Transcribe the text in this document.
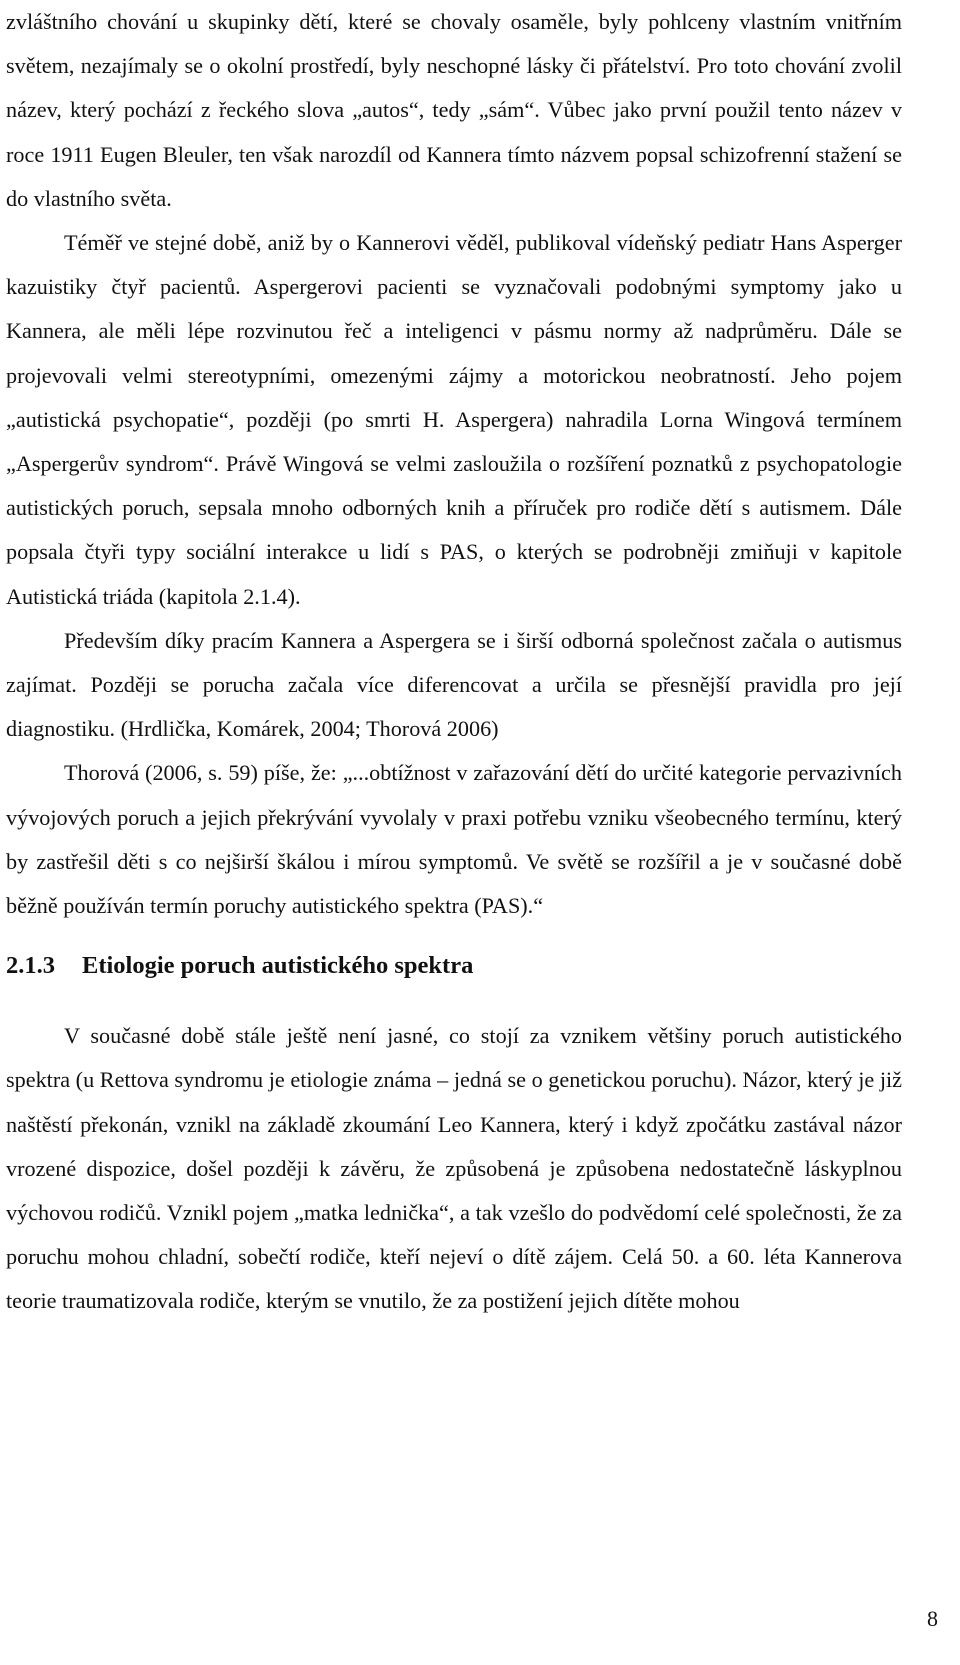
zvláštního chování u skupinky dětí, které se chovaly osaměle, byly pohlceny vlastním vnitřním světem, nezajímaly se o okolní prostředí, byly neschopné lásky či přátelství. Pro toto chování zvolil název, který pochází z řeckého slova „autos“, tedy „sám“. Vůbec jako první použil tento název v roce 1911 Eugen Bleuler, ten však narozdíl od Kannera tímto názvem popsal schizofrenní stažení se do vlastního světa.

Téměř ve stejné době, aniž by o Kannerovi věděl, publikoval vídeňský pediatr Hans Asperger kazuistiky čtyř pacientů. Aspergerovi pacienti se vyznačovali podobnými symptomy jako u Kannera, ale měli lépe rozvinutou řeč a inteligenci v pásmu normy až nadprůměru. Dále se projevovali velmi stereotypními, omezenými zájmy a motorickou neobratností. Jeho pojem „autistická psychopatie“, později (po smrti H. Aspergera) nahradila Lorna Wingová termínem „Aspergerův syndrom“. Právě Wingová se velmi zasloužila o rozšíření poznatků z psychopatologie autistických poruch, sepsala mnoho odborných knih a příruček pro rodiče dětí s autismem. Dále popsala čtyři typy sociální interakce u lidí s PAS, o kterých se podrobněji zmiňuji v kapitole Autistická triáda (kapitola 2.1.4).

Především díky pracím Kannera a Aspergera se i širší odborná společnost začala o autismus zajímat. Později se porucha začala více diferencovat a určila se přesnější pravidla pro její diagnostiku. (Hrdlička, Komárek, 2004; Thorová 2006)

Thorová (2006, s. 59) píše, že: „...obtížnost v zařazování dětí do určité kategorie pervazivních vývojových poruch a jejich překrývání vyvolaly v praxi potřebu vzniku všeobecného termínu, který by zastřešil děti s co nejširší škálou i mírou symptomů. Ve světě se rozšířil a je v současné době běžně používán termín poruchy autistického spektra (PAS).“

2.1.3 Etiologie poruch autistického spektra

V současné době stále ještě není jasné, co stojí za vznikem většiny poruch autistického spektra (u Rettova syndromu je etiologie známa – jedná se o genetickou poruchu). Názor, který je již naštěstí překonán, vznikl na základě zkoumání Leo Kannera, který i když zpočátku zastával názor vrozené dispozice, došel později k závěru, že způsobená je způsobena nedostatečně láskyplnou výchovou rodičů. Vznikl pojem „matka lednička“, a tak vzešlo do podvědomí celé společnosti, že za poruchu mohou chladní, sobečtí rodiče, kteří nejeví o dítě zájem. Celá 50. a 60. léta Kannerova teorie traumatizovala rodiče, kterým se vnutilo, že za postižení jejich dítěte mohou

8
